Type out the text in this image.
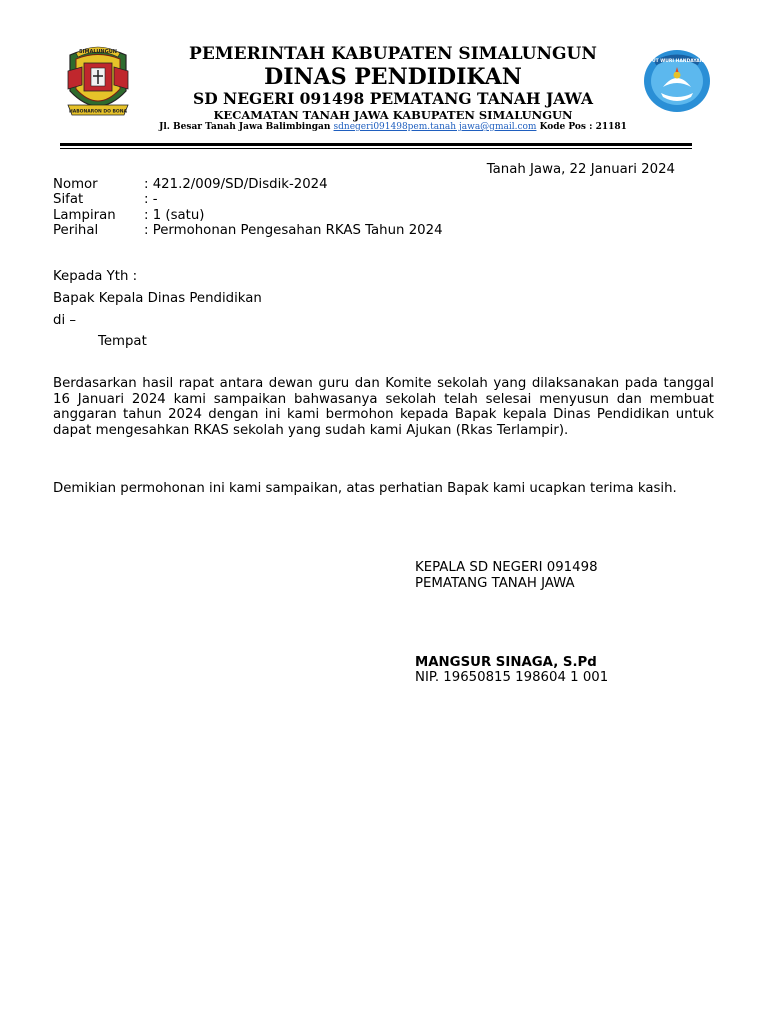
SIMALUNGUN
HABONARON DO BONA
TUT WURI HANDAYANI
PEMERINTAH KABUPATEN SIMALUNGUN
DINAS PENDIDIKAN
SD NEGERI 091498 PEMATANG TANAH JAWA
KECAMATAN TANAH JAWA KABUPATEN SIMALUNGUN
Jl. Besar Tanah Jawa Balimbingan sdnegeri091498pem.tanah jawa@gmail.com Kode Pos : 21181
Tanah Jawa, 22 Januari 2024
Nomor	: 421.2/009/SD/Disdik-2024
Sifat	: -
Lampiran : 1 (satu)
Perihal	: Permohonan Pengesahan RKAS Tahun 2024
Kepada Yth :
Bapak Kepala Dinas Pendidikan
di –
Tempat
Berdasarkan hasil rapat antara dewan guru dan Komite sekolah yang dilaksanakan pada tanggal 16 Januari 2024 kami sampaikan bahwasanya sekolah telah selesai menyusun dan membuat anggaran tahun 2024 dengan ini kami bermohon kepada Bapak kepala Dinas Pendidikan untuk dapat mengesahkan RKAS sekolah yang sudah kami Ajukan (Rkas Terlampir).
Demikian permohonan ini kami sampaikan, atas perhatian Bapak kami ucapkan terima kasih.
KEPALA SD NEGERI 091498
PEMATANG TANAH JAWA
MANGSUR SINAGA, S.Pd
NIP. 19650815 198604 1 001
